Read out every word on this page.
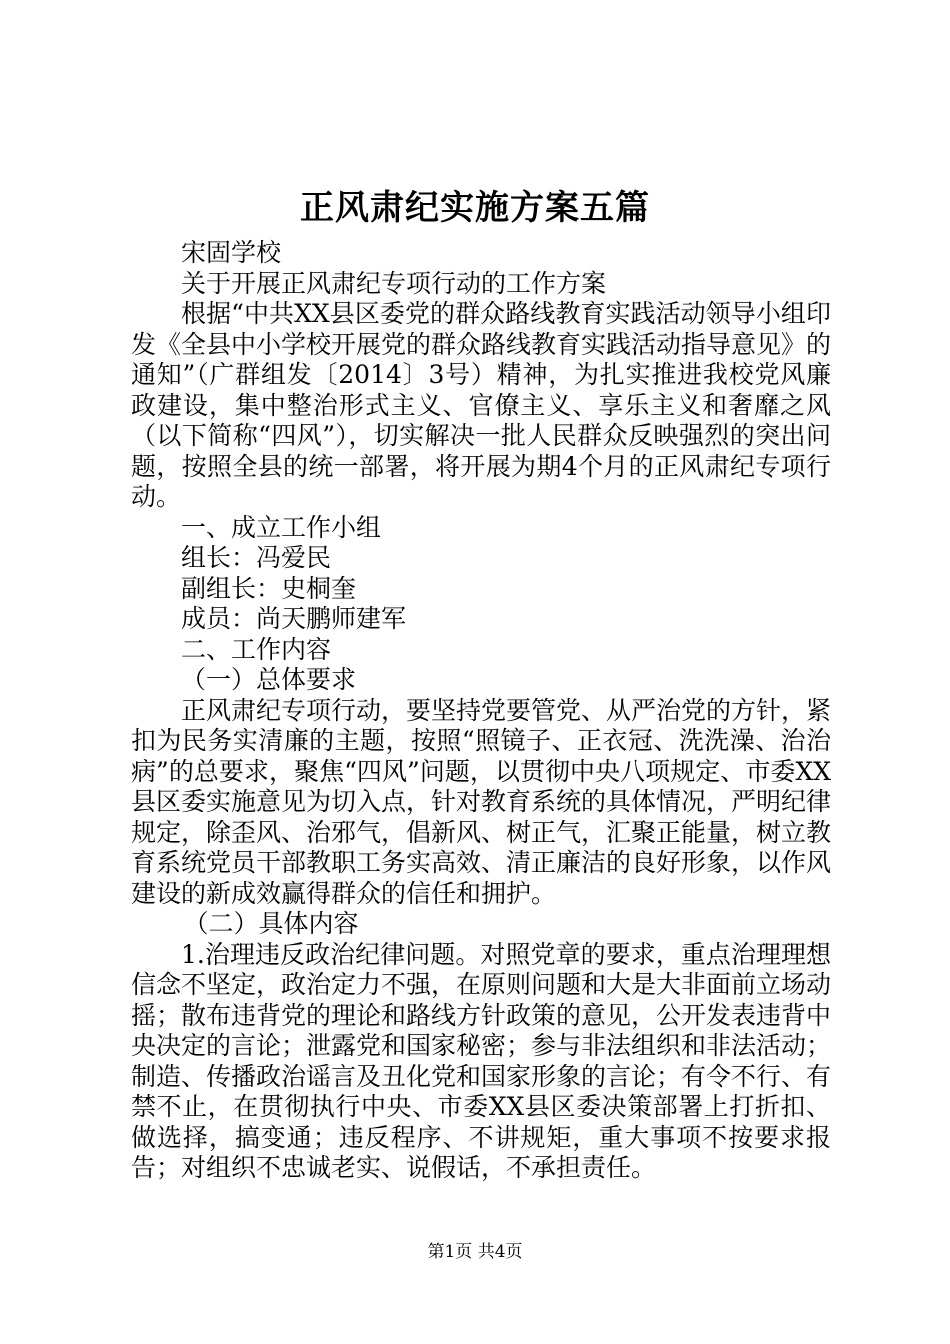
正风肃纪实施方案五篇

宋固学校

关于开展正风肃纪专项行动的工作方案

根据“中共XX县区委党的群众路线教育实践活动领导小组印发《全县中小学校开展党的群众路线教育实践活动指导意见》的通知”（广群组发〔2014〕3号）精神，为扎实推进我校党风廉政建设，集中整治形式主义、官僚主义、享乐主义和奢靡之风（以下简称“四风”），切实解决一批人民群众反映强烈的突出问题，按照全县的统一部署，将开展为期4个月的正风肃纪专项行动。

一、成立工作小组

组长：冯爱民

副组长：史桐奎

成员：尚天鹏师建军

二、工作内容

（一）总体要求

正风肃纪专项行动，要坚持党要管党、从严治党的方针，紧扣为民务实清廉的主题，按照“照镜子、正衣冠、洗洗澡、治治病”的总要求，聚焦“四风”问题，以贯彻中央八项规定、市委XX县区委实施意见为切入点，针对教育系统的具体情况，严明纪律规定，除歪风、治邪气，倡新风、树正气，汇聚正能量，树立教育系统党员干部教职工务实高效、清正廉洁的良好形象，以作风建设的新成效赢得群众的信任和拥护。

（二）具体内容

1.治理违反政治纪律问题。对照党章的要求，重点治理理想信念不坚定，政治定力不强，在原则问题和大是大非面前立场动摇；散布违背党的理论和路线方针政策的意见，公开发表违背中央决定的言论；泄露党和国家秘密；参与非法组织和非法活动；制造、传播政治谣言及丑化党和国家形象的言论；有令不行、有禁不止，在贯彻执行中央、市委XX县区委决策部署上打折扣、做选择，搞变通；违反程序、不讲规矩，重大事项不按要求报告；对组织不忠诚老实、说假话，不承担责任。

第1页 共4页
